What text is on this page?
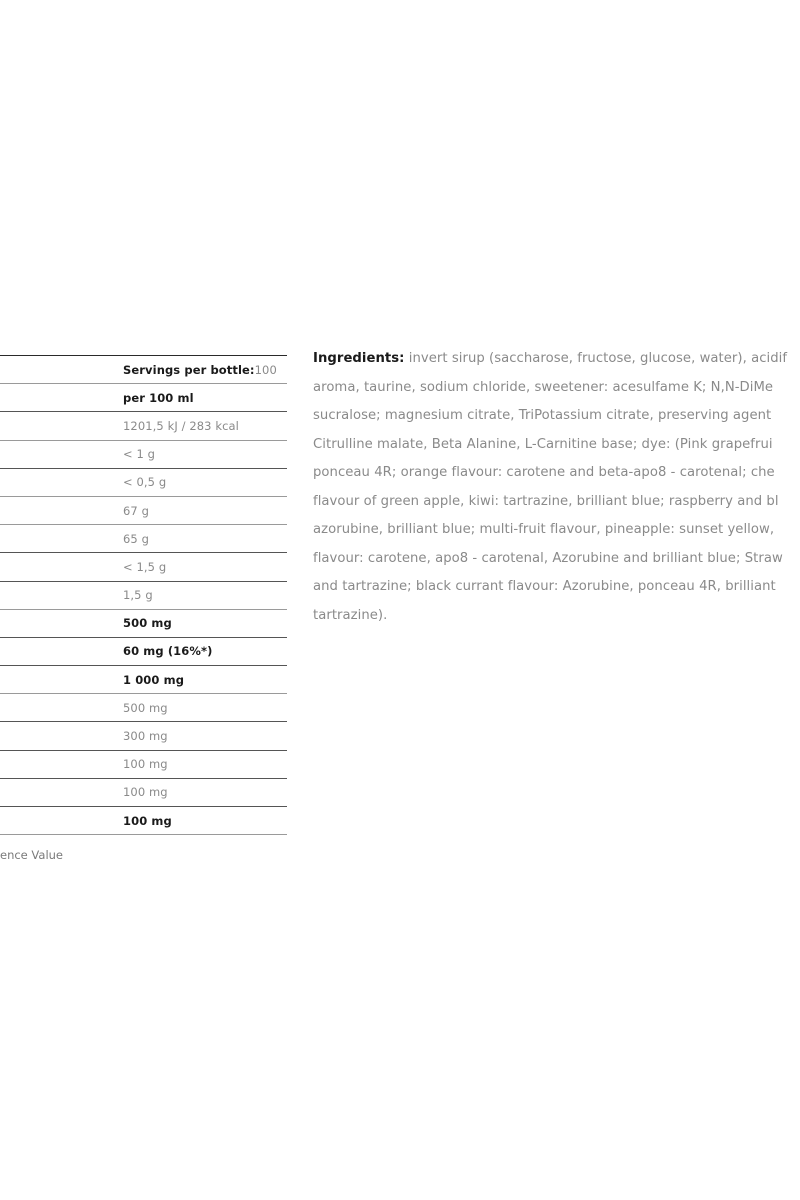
Servings per bottle: 100
per 100 ml
1201,5 kJ / 283 kcal
< 1 g
< 0,5 g
67 g
65 g
< 1,5 g
1,5 g
500 mg
60 mg (16%*)
1 000 mg
500 mg
300 mg
100 mg
100 mg
100 mg
ence Value
Ingredients: invert sirup (saccharose, fructose, glucose, water), acidif
aroma, taurine, sodium chloride, sweetener: acesulfame K; N,N-DiMe
sucralose; magnesium citrate, TriPotassium citrate, preserving agent
Citrulline malate, Beta Alanine, L-Carnitine base; dye: (Pink grapefrui
ponceau 4R; orange flavour: carotene and beta-apo8 - carotenal; che
flavour of green apple, kiwi: tartrazine, brilliant blue; raspberry and bl
azorubine, brilliant blue; multi-fruit flavour, pineapple: sunset yellow,
flavour: carotene, apo8 - carotenal, Azorubine and brilliant blue; Straw
and tartrazine; black currant flavour: Azorubine, ponceau 4R, brilliant
tartrazine).
